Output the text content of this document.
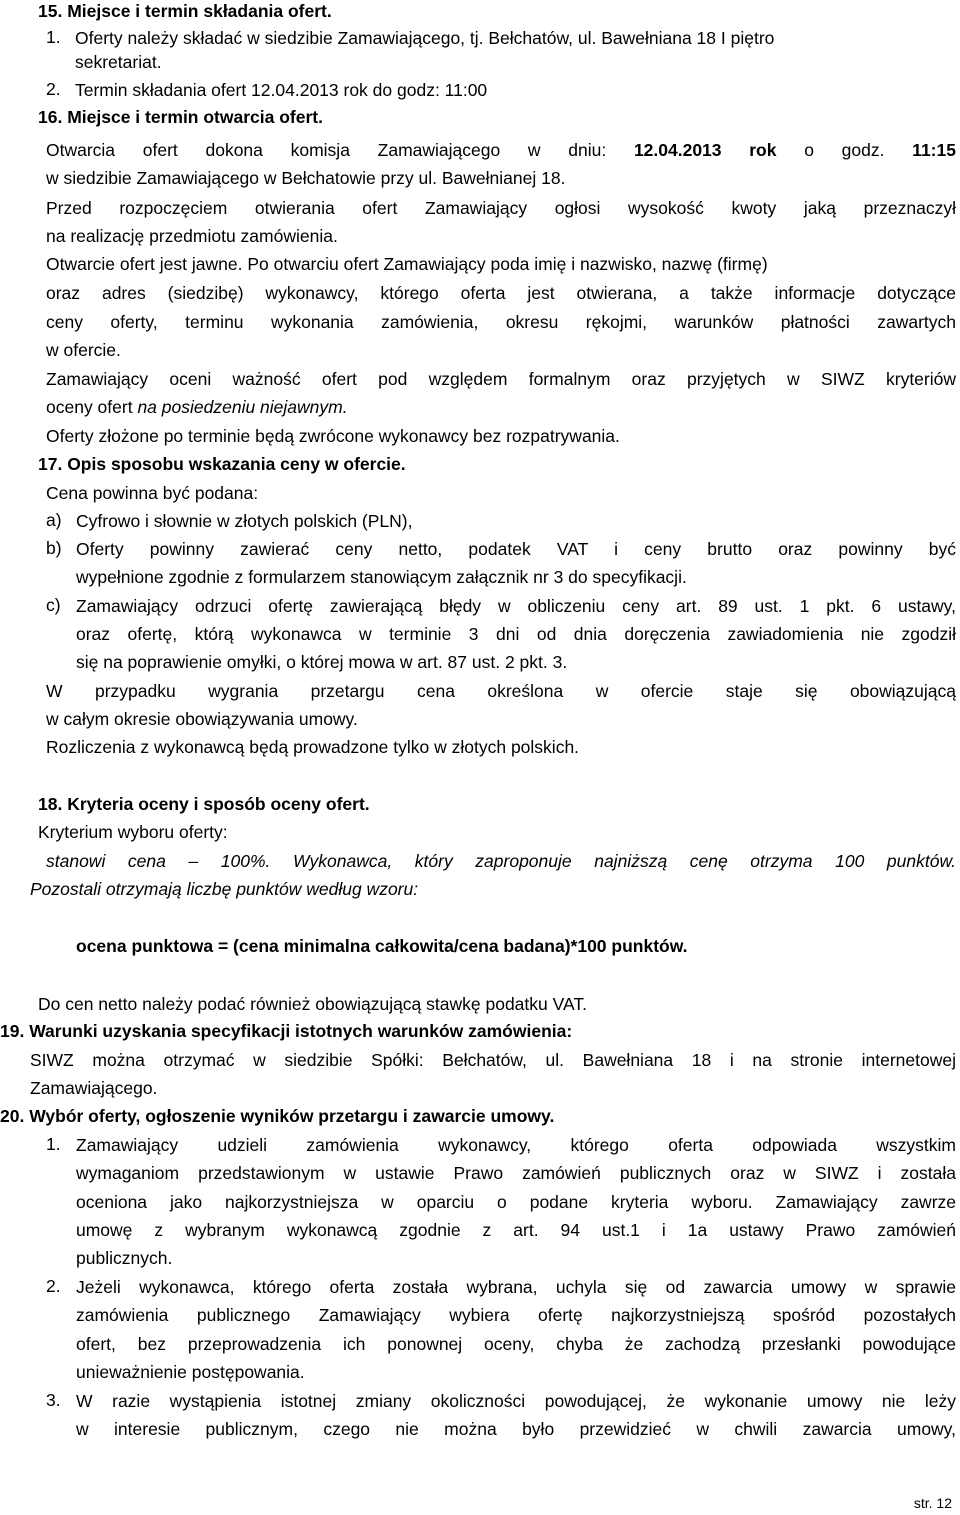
15. Miejsce i termin składania ofert.
1. Oferty należy składać w siedzibie Zamawiającego, tj. Bełchatów, ul. Bawełniana 18 I piętro
sekretariat.
2. Termin składania ofert 12.04.2013 rok do godz: 11:00
16. Miejsce i termin otwarcia ofert.
Otwarcia ofert dokona komisja Zamawiającego w dniu: 12.04.2013 rok o godz. 11:15
w siedzibie Zamawiającego w Bełchatowie przy ul. Bawełnianej 18.
Przed rozpoczęciem otwierania ofert Zamawiający ogłosi wysokość kwoty jaką przeznaczył
na realizację przedmiotu zamówienia.
Otwarcie ofert jest jawne. Po otwarciu ofert Zamawiający poda imię i nazwisko, nazwę (firmę)
oraz adres (siedzibę) wykonawcy, którego oferta jest otwierana, a także informacje dotyczące
ceny oferty, terminu wykonania zamówienia, okresu rękojmi, warunków płatności zawartych
w ofercie.
Zamawiający oceni ważność ofert pod względem formalnym oraz przyjętych w SIWZ kryteriów
oceny ofert na posiedzeniu niejawnym.
Oferty złożone po terminie będą zwrócone wykonawcy bez rozpatrywania.
17. Opis sposobu wskazania ceny w ofercie.
Cena powinna być podana:
a) Cyfrowo i słownie w złotych polskich (PLN),
b) Oferty powinny zawierać ceny netto, podatek VAT i ceny brutto oraz powinny być
wypełnione zgodnie z formularzem stanowiącym załącznik nr 3 do specyfikacji.
c) Zamawiający odrzuci ofertę zawierającą błędy w obliczeniu ceny art. 89 ust. 1 pkt. 6 ustawy,
oraz ofertę, którą wykonawca w terminie 3 dni od dnia doręczenia zawiadomienia nie zgodził
się na poprawienie omyłki, o której mowa w art. 87 ust. 2 pkt. 3.
W przypadku wygrania przetargu cena określona w ofercie staje się obowiązującą
w całym okresie obowiązywania umowy.
Rozliczenia z wykonawcą będą prowadzone tylko w złotych polskich.
18. Kryteria oceny i sposób oceny ofert.
Kryterium wyboru oferty:
stanowi cena – 100%. Wykonawca, który zaproponuje najniższą cenę otrzyma 100 punktów.
Pozostali otrzymają liczbę punktów według wzoru:
ocena punktowa = (cena minimalna całkowita/cena badana)*100 punktów.
Do cen netto należy podać również obowiązującą stawkę podatku VAT.
19. Warunki uzyskania specyfikacji istotnych warunków zamówienia:
SIWZ można otrzymać w siedzibie Spółki: Bełchatów, ul. Bawełniana 18 i na stronie internetowej
Zamawiającego.
20. Wybór oferty, ogłoszenie wyników przetargu i zawarcie umowy.
1. Zamawiający udzieli zamówienia wykonawcy, którego oferta odpowiada wszystkim
wymaganiom przedstawionym w ustawie Prawo zamówień publicznych oraz w SIWZ i została
oceniona jako najkorzystniejsza w oparciu o podane kryteria wyboru. Zamawiający zawrze
umowę z wybranym wykonawcą zgodnie z art. 94 ust.1 i 1a ustawy Prawo zamówień
publicznych.
2. Jeżeli wykonawca, którego oferta została wybrana, uchyla się od zawarcia umowy w sprawie
zamówienia publicznego Zamawiający wybiera ofertę najkorzystniejszą spośród pozostałych
ofert, bez przeprowadzenia ich ponownej oceny, chyba że zachodzą przesłanki powodujące
unieważnienie postępowania.
3. W razie wystąpienia istotnej zmiany okoliczności powodującej, że wykonanie umowy nie leży
w interesie publicznym, czego nie można było przewidzieć w chwili zawarcia umowy,
str. 12
